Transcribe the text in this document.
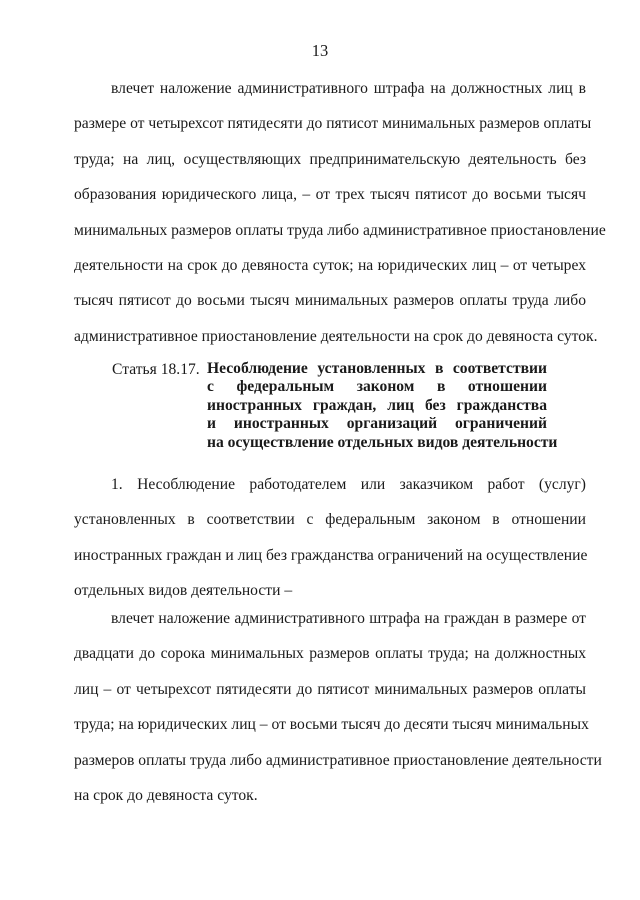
13
влечет наложение административного штрафа на должностных лиц в
размере от четырехсот пятидесяти до пятисот минимальных размеров оплаты
труда; на лиц, осуществляющих предпринимательскую деятельность без
образования юридического лица, – от трех тысяч пятисот до восьми тысяч
минимальных размеров оплаты труда либо административное приостановление
деятельности на срок до девяноста суток; на юридических лиц – от четырех
тысяч пятисот до восьми тысяч минимальных размеров оплаты труда либо
административное приостановление деятельности на срок до девяноста суток.
Статья 18.17. Несоблюдение установленных в соответствии
с федеральным законом в отношении
иностранных граждан, лиц без гражданства
и иностранных организаций ограничений
на осуществление отдельных видов деятельности
1. Несоблюдение работодателем или заказчиком работ (услуг)
установленных в соответствии с федеральным законом в отношении
иностранных граждан и лиц без гражданства ограничений на осуществление
отдельных видов деятельности –
влечет наложение административного штрафа на граждан в размере от
двадцати до сорока минимальных размеров оплаты труда; на должностных
лиц – от четырехсот пятидесяти до пятисот минимальных размеров оплаты
труда; на юридических лиц – от восьми тысяч до десяти тысяч минимальных
размеров оплаты труда либо административное приостановление деятельности
на срок до девяноста суток.
